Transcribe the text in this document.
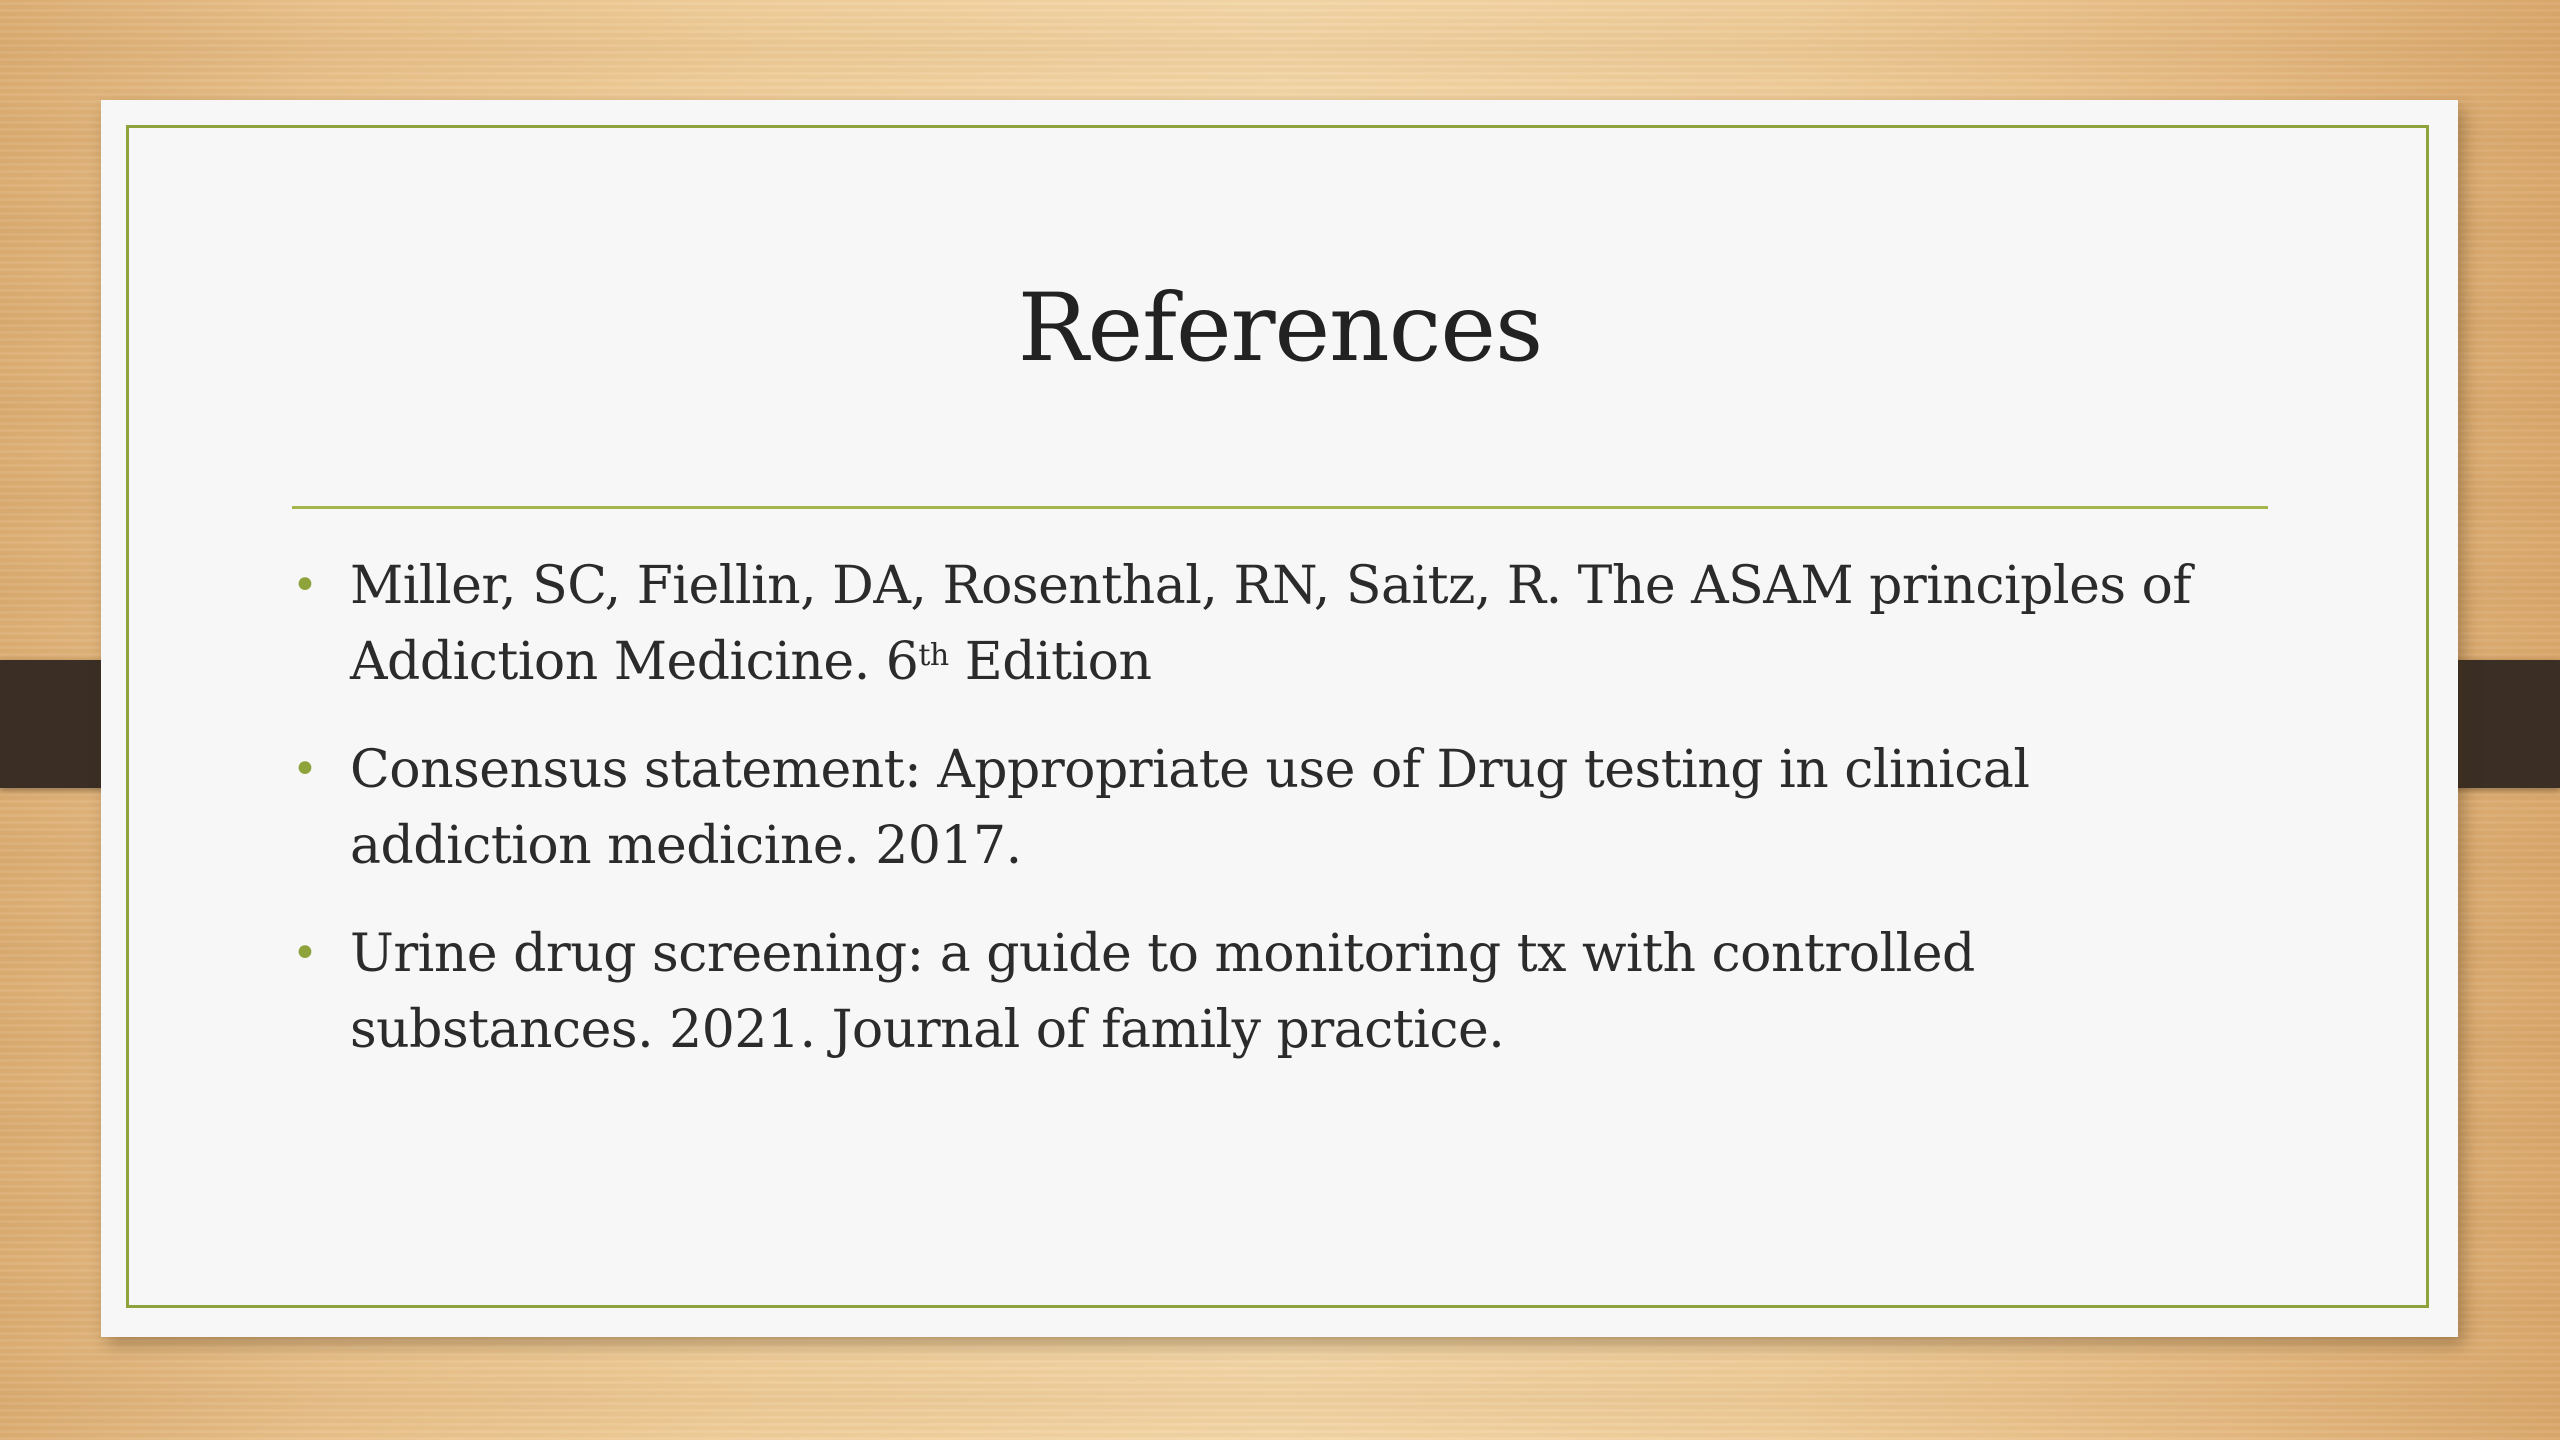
References
• Miller, SC, Fiellin, DA, Rosenthal, RN, Saitz, R. The ASAM principles of Addiction Medicine. 6th Edition
• Consensus statement: Appropriate use of Drug testing in clinical addiction medicine. 2017.
• Urine drug screening: a guide to monitoring tx with controlled substances. 2021. Journal of family practice.
